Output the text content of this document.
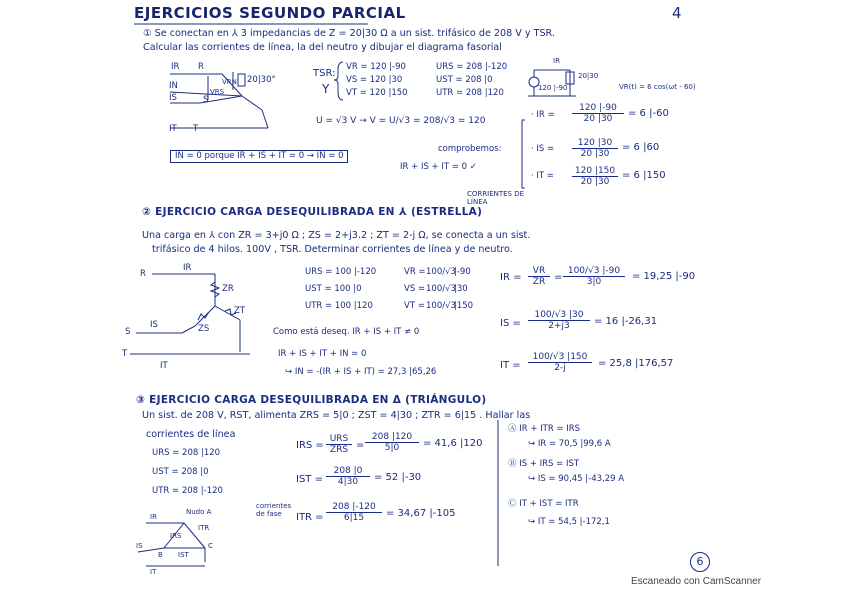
EJERCICIOS SEGUNDO PARCIAL	4
① Se conectan en ⅄ 3 impedancias de Z = 20|30 Ω a un sist. trifásico de 208 V y TSR.
Calcular las corrientes de línea, la del neutro y dibujar el diagrama fasorial
IR R
IN
IS	S
IT T
VRN
VRS
20|30°
TSR:
Y
VR = 120 |-90
VS = 120 |30
VT = 120 |150
URS = 208 |-120
UST = 208 |0
UTR = 208 |120
IR
120 |-90
20|30
VR(t) = 6 cos(ωt - 60)
U = √3 V → V = U/√3 = 208/√3 = 120
IN = 0 porque IR + IS + IT = 0 → IN = 0
comprobemos:
IR + IS + IT = 0 ✓
CORRIENTES DE LÍNEA
· IR = $\frac{120 |-90}{20 |30} = 6$ |-60
· IS = $\frac{120 |30}{20 |30} = 6$ |60
· IT = $\frac{120 |150}{20 |30} = 6$ |150
② EJERCICIO CARGA DESEQUILIBRADA EN ⅄ (ESTRELLA)
Una carga en ⅄ con ZR = 3+j0 Ω ; ZS = 2+j3.2 ; ZT = 2-j Ω, se conecta a un sist.
trifásico de 4 hilos. 100V , TSR. Determinar corrientes de línea y de neutro.
R
IR
ZR
ZT
ZS
S
IS
T
IT
URS = 100 |-120
UST = 100 |0
UTR = 100 |120
VR = 100/√3
|-90
VS = 100/√3
|30
VT = 100/√3
|150
IR = $\frac{VR}{ZR} = \frac{100/√3 |-90}{3|0} = 19,25$ |-90
IS = $\frac{100/√3 |30}{2+j3} = 16$ |-26,31
Como está deseq. IR + IS + IT ≠ 0
IR + IS + IT + IN = 0
↪ IN = -(IR + IS + IT) = 27,3 |65,26
IT = $\frac{100/√3 |150}{2-j} = 25,8$ |176,57
③ EJERCICIO CARGA DESEQUILIBRADA EN Δ (TRIÁNGULO)
Un sist. de 208 V, RST, alimenta ZRS = 5|0 ; ZST = 4|30 ; ZTR = 6|15 . Hallar las
corrientes de línea
URS = 208 |120
UST = 208 |0
UTR = 208 |-120
IRS =
URS
ZRS = $\frac{208 |120}{5|0} = 41,6$ |120
IST = $\frac{208 |0}{4|30} = 52$ |-30
ITR = $\frac{208 |-120}{6|15} = 34,67$ |-105
corrientes de fase
Ⓐ IR + ITR = IRS
↪ IR = 70,5 |99,6 A
Ⓑ IS + IRS = IST
↪ IS = 90,45 |-43,29 A
Ⓒ IT + IST = ITR
↪ IT = 54,5 |-172,1
IR
Nudo A
IRS
ITR
IS
B IST
C
IT
6
Escaneado con CamScanner
